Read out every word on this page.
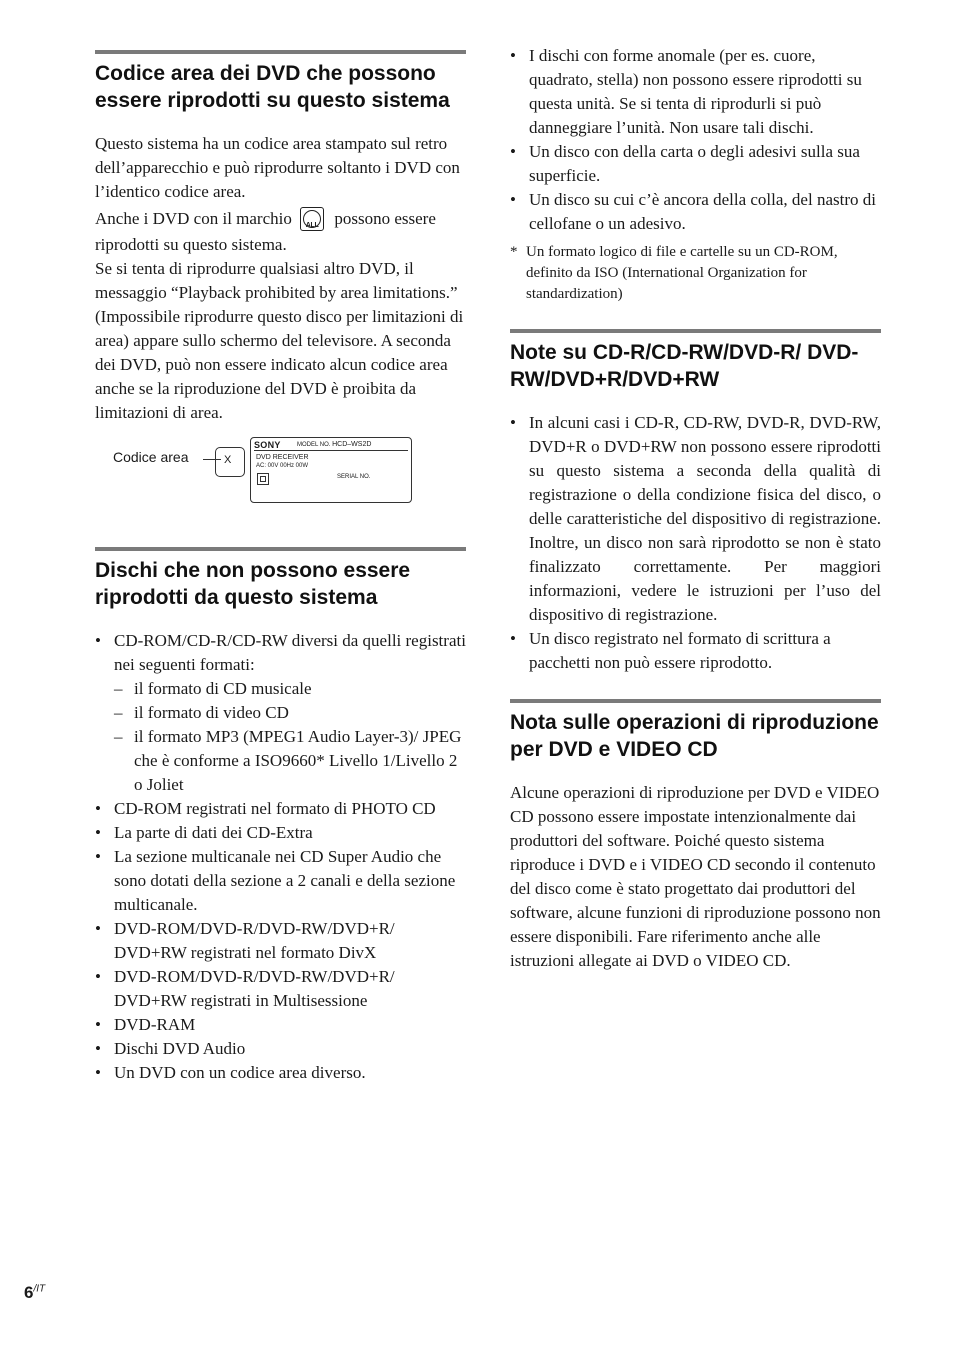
Codice area dei DVD che possono essere riprodotti su questo sistema

Questo sistema ha un codice area stampato sul retro dell’apparecchio e può riprodurre soltanto i DVD con l’identico codice area.

Anche i DVD con il marchio	ALL possono essere riprodotti su questo sistema.

Se si tenta di riprodurre qualsiasi altro DVD, il messaggio “Playback prohibited by area limitations.” (Impossibile riprodurre questo disco per limitazioni di area) appare sullo schermo del televisore. A seconda dei DVD, può non essere indicato alcun codice area anche se la riproduzione del DVD è proibita da limitazioni di area.

Codice area	X
SONY	MODEL NO. HCD–WS2D
DVD RECEIVER
AC: 00V 00Hz 00W
SERIAL NO.
Dischi che non possono essere riprodotti da questo sistema
• CD-ROM/CD-R/CD-RW diversi da quelli registrati nei seguenti formati:
– il formato di CD musicale
– il formato di video CD
– il formato MP3 (MPEG1 Audio Layer-3)/ JPEG che è conforme a ISO9660* Livello 1/Livello 2 o Joliet
• CD-ROM registrati nel formato di PHOTO CD
• La parte di dati dei CD-Extra
• La sezione multicanale nei CD Super Audio che sono dotati della sezione a 2 canali e della sezione multicanale.
• DVD-ROM/DVD-R/DVD-RW/DVD+R/ DVD+RW registrati nel formato DivX
• DVD-ROM/DVD-R/DVD-RW/DVD+R/ DVD+RW registrati in Multisessione
• DVD-RAM
• Dischi DVD Audio
• Un DVD con un codice area diverso.
• I dischi con forme anomale (per es. cuore, quadrato, stella) non possono essere riprodotti su questa unità. Se si tenta di riprodurli si può danneggiare l’unità. Non usare tali dischi.
• Un disco con della carta o degli adesivi sulla sua superficie.
• Un disco su cui c’è ancora della colla, del nastro di cellofane o un adesivo.
* Un formato logico di file e cartelle su un CD-ROM, definito da ISO (International Organization for standardization)
Note su CD-R/CD-RW/DVD-R/ DVD-RW/DVD+R/DVD+RW
• In alcuni casi i CD-R, CD-RW, DVD-R, DVD-RW, DVD+R o DVD+RW non possono essere riprodotti su questo sistema a seconda della qualità di registrazione o della condizione fisica del disco, o delle caratteristiche del dispositivo di registrazione. Inoltre, un disco non sarà riprodotto se non è stato finalizzato correttamente. Per maggiori informazioni, vedere le istruzioni per l’uso del dispositivo di registrazione.
• Un disco registrato nel formato di scrittura a pacchetti non può essere riprodotto.
Nota sulle operazioni di riproduzione per DVD e VIDEO CD

Alcune operazioni di riproduzione per DVD e VIDEO CD possono essere impostate intenzionalmente dai produttori del software. Poiché questo sistema riproduce i DVD e i VIDEO CD secondo il contenuto del disco come è stato progettato dai produttori del software, alcune funzioni di riproduzione possono non essere disponibili. Fare riferimento anche alle istruzioni allegate ai DVD o VIDEO CD.

$6^{/IT}$
